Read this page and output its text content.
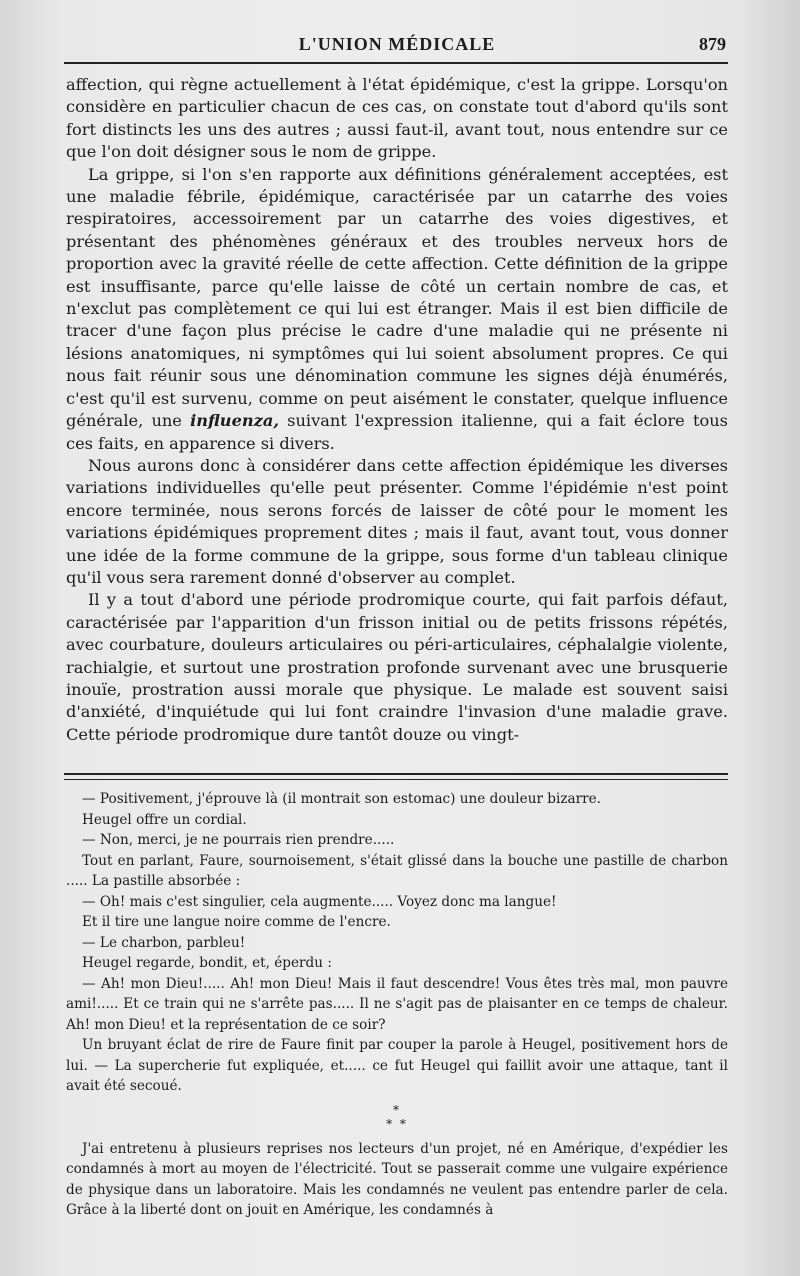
L'UNION MÉDICALE	879

affection, qui règne actuellement à l'état épidémique, c'est la grippe. Lorsqu'on considère en particulier chacun de ces cas, on constate tout d'abord qu'ils sont fort distincts les uns des autres ; aussi faut-il, avant tout, nous entendre sur ce que l'on doit désigner sous le nom de grippe.

La grippe, si l'on s'en rapporte aux définitions généralement acceptées, est une maladie fébrile, épidémique, caractérisée par un catarrhe des voies respiratoires, accessoirement par un catarrhe des voies digestives, et présentant des phénomènes généraux et des troubles nerveux hors de proportion avec la gravité réelle de cette affection. Cette définition de la grippe est insuffisante, parce qu'elle laisse de côté un certain nombre de cas, et n'exclut pas complètement ce qui lui est étranger. Mais il est bien difficile de tracer d'une façon plus précise le cadre d'une maladie qui ne présente ni lésions anatomiques, ni symptômes qui lui soient absolument propres. Ce qui nous fait réunir sous une dénomination commune les signes déjà énumérés, c'est qu'il est survenu, comme on peut aisément le constater, quelque influence générale, une influenza, suivant l'expression italienne, qui a fait éclore tous ces faits, en apparence si divers.

Nous aurons donc à considérer dans cette affection épidémique les diverses variations individuelles qu'elle peut présenter. Comme l'épidémie n'est point encore terminée, nous serons forcés de laisser de côté pour le moment les variations épidémiques proprement dites ; mais il faut, avant tout, vous donner une idée de la forme commune de la grippe, sous forme d'un tableau clinique qu'il vous sera rarement donné d'observer au complet.

Il y a tout d'abord une période prodromique courte, qui fait parfois défaut, caractérisée par l'apparition d'un frisson initial ou de petits frissons répétés, avec courbature, douleurs articulaires ou péri-articulaires, céphalalgie violente, rachialgie, et surtout une prostration profonde survenant avec une brusquerie inouïe, prostration aussi morale que physique. Le malade est souvent saisi d'anxiété, d'inquiétude qui lui font craindre l'invasion d'une maladie grave. Cette période prodromique dure tantôt douze ou vingt-

— Positivement, j'éprouve là (il montrait son estomac) une douleur bizarre.

Heugel offre un cordial.

— Non, merci, je ne pourrais rien prendre.....

Tout en parlant, Faure, sournoisement, s'était glissé dans la bouche une pastille de charbon ..... La pastille absorbée :

— Oh! mais c'est singulier, cela augmente..... Voyez donc ma langue!

Et il tire une langue noire comme de l'encre.

— Le charbon, parbleu!

Heugel regarde, bondit, et, éperdu :

— Ah! mon Dieu!..... Ah! mon Dieu! Mais il faut descendre! Vous êtes très mal, mon pauvre ami!..... Et ce train qui ne s'arrête pas..... Il ne s'agit pas de plaisanter en ce temps de chaleur. Ah! mon Dieu! et la représentation de ce soir?

Un bruyant éclat de rire de Faure finit par couper la parole à Heugel, positivement hors de lui. — La supercherie fut expliquée, et..... ce fut Heugel qui faillit avoir une attaque, tant il avait été secoué.

*
* *

J'ai entretenu à plusieurs reprises nos lecteurs d'un projet, né en Amérique, d'expédier les condamnés à mort au moyen de l'électricité. Tout se passerait comme une vulgaire expérience de physique dans un laboratoire. Mais les condamnés ne veulent pas entendre parler de cela. Grâce à la liberté dont on jouit en Amérique, les condamnés à
